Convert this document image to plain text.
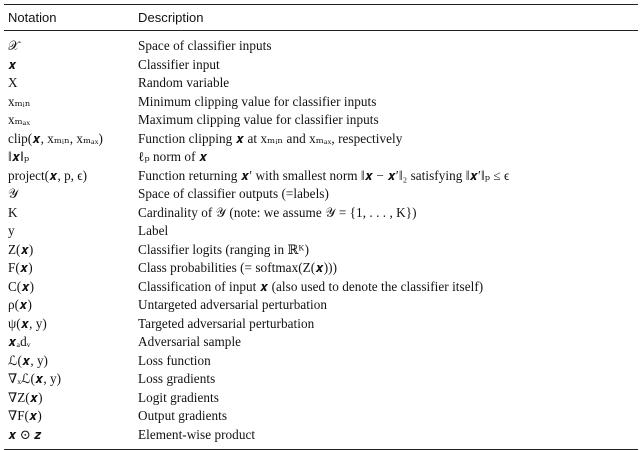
Notation	Description
𝒳	Space of classifier inputs
𝒙	Classifier input
X	Random variable
xₘᵢₙ	Minimum clipping value for classifier inputs
xₘₐₓ	Maximum clipping value for classifier inputs
clip(𝒙, xₘᵢₙ, xₘₐₓ)	Function clipping 𝒙 at xₘᵢₙ and xₘₐₓ, respectively
‖𝒙‖ₚ	ℓₚ norm of 𝒙
project(𝒙, p, ϵ)	Function returning 𝒙′ with smallest norm ‖𝒙 − 𝒙′‖₂ satisfying ‖𝒙′‖ₚ ≤ ϵ
𝒴	Space of classifier outputs (=labels)
K	Cardinality of 𝒴 (note: we assume 𝒴 = {1, . . . , K})
y	Label
Z(𝒙)	Classifier logits (ranging in ℝᴷ)
F(𝒙)	Class probabilities (= softmax(Z(𝒙)))
C(𝒙)	Classification of input 𝒙 (also used to denote the classifier itself)
ρ(𝒙)	Untargeted adversarial perturbation
ψ(𝒙, y)	Targeted adversarial perturbation
𝒙ₐdᵥ	Adversarial sample
ℒ(𝒙, y)	Loss function
∇ₓℒ(𝒙, y)	Loss gradients
∇Z(𝒙)	Logit gradients
∇F(𝒙)	Output gradients
𝒙 ⊙ 𝒛	Element-wise product
